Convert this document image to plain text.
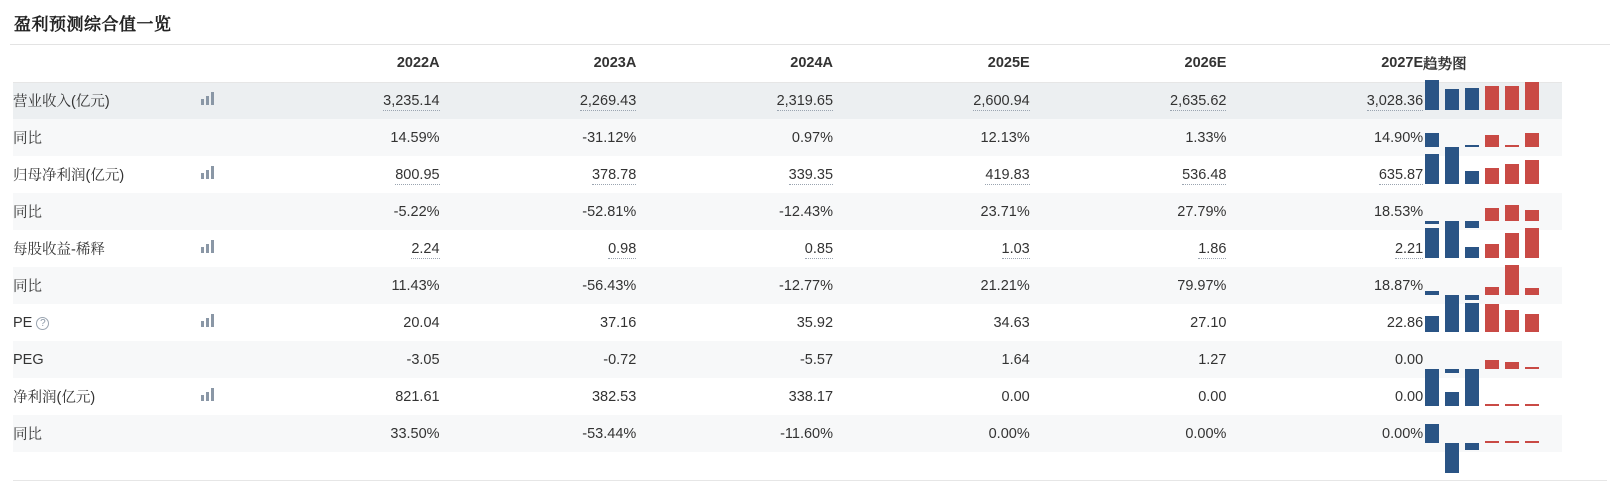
盈利预测综合值一览
		2022A	2023A	2024A	2025E	2026E	2027E	趋势图
营业收入(亿元)		3,235.14	2,269.43	2,319.65	2,600.94	2,635.62	3,028.36	

同比		14.59%	-31.12%	0.97%	12.13%	1.33%	14.90%	

归母净利润(亿元)		800.95	378.78	339.35	419.83	536.48	635.87	

同比		-5.22%	-52.81%	-12.43%	23.71%	27.79%	18.53%	

每股收益-稀释		2.24	0.98	0.85	1.03	1.86	2.21	

同比		11.43%	-56.43%	-12.77%	21.21%	79.97%	18.87%	

PE ?		20.04	37.16	35.92	34.63	27.10	22.86	

PEG		-3.05	-0.72	-5.57	1.64	1.27	0.00	

净利润(亿元)		821.61	382.53	338.17	0.00	0.00	0.00	

同比		33.50%	-53.44%	-11.60%	0.00%	0.00%	0.00%	
